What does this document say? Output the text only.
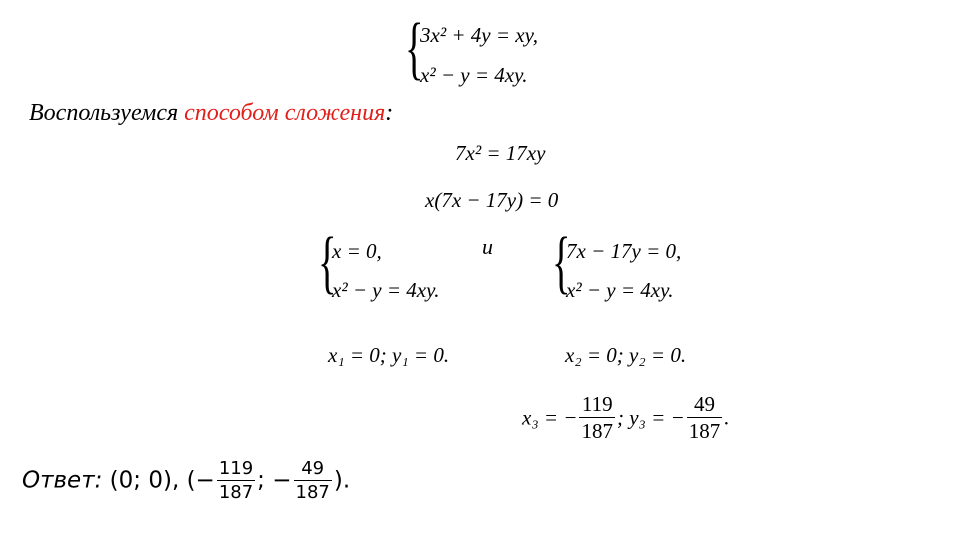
{
3x² + 4y = xy,
x² − y = 4xy.
Воспользуемся способом сложения:
7x² = 17xy
x(7x − 17y) = 0
{
x = 0,
x² − y = 4xy.
и {
7x − 17y = 0,
x² − y = 4xy.
x₁ = 0; y₁ = 0.	x₂ = 0; y₂ = 0.
x₃ = − $\frac{119}{187}$ ; y₃ = − $\frac{49}{187}$ .
Ответ: (0; 0), (− $\frac{119}{187}$ ; − $\frac{49}{187}$ ).
